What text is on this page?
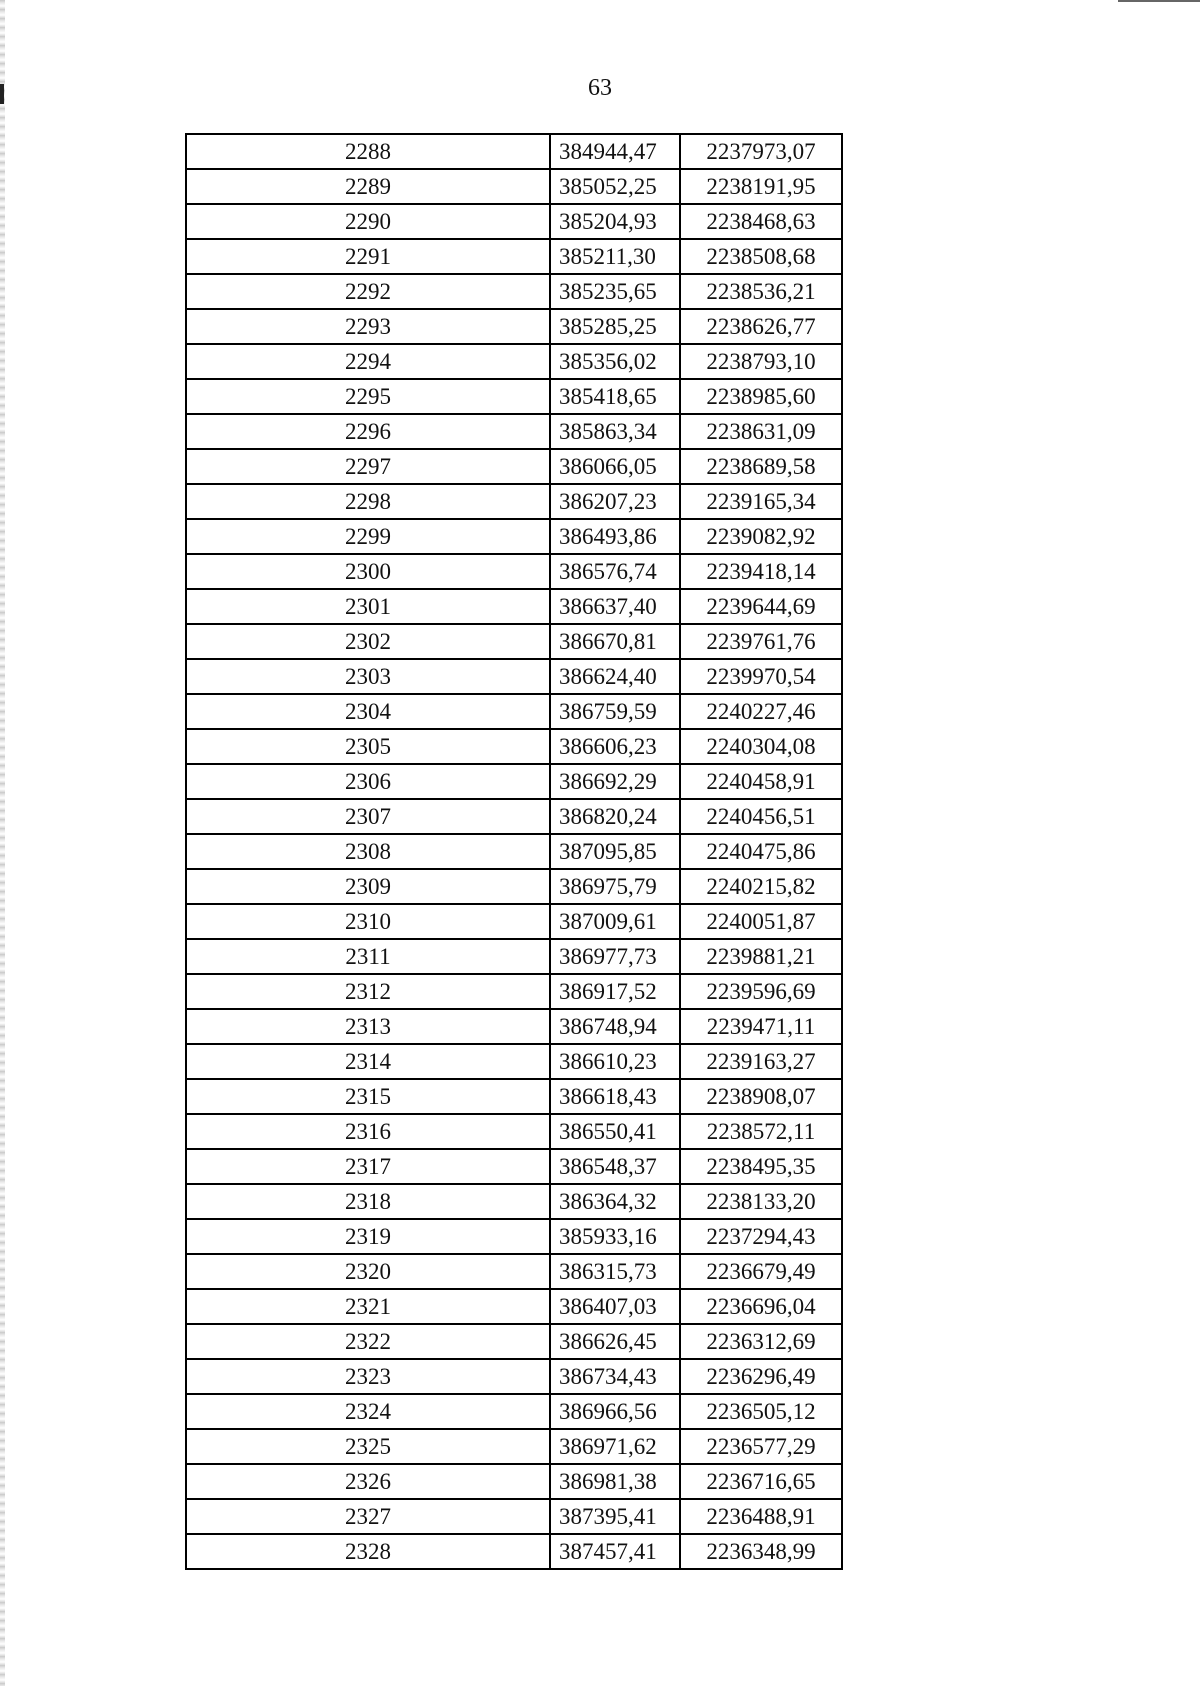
63
2288	384944,47	2237973,07
2289	385052,25	2238191,95
2290	385204,93	2238468,63
2291	385211,30	2238508,68
2292	385235,65	2238536,21
2293	385285,25	2238626,77
2294	385356,02	2238793,10
2295	385418,65	2238985,60
2296	385863,34	2238631,09
2297	386066,05	2238689,58
2298	386207,23	2239165,34
2299	386493,86	2239082,92
2300	386576,74	2239418,14
2301	386637,40	2239644,69
2302	386670,81	2239761,76
2303	386624,40	2239970,54
2304	386759,59	2240227,46
2305	386606,23	2240304,08
2306	386692,29	2240458,91
2307	386820,24	2240456,51
2308	387095,85	2240475,86
2309	386975,79	2240215,82
2310	387009,61	2240051,87
2311	386977,73	2239881,21
2312	386917,52	2239596,69
2313	386748,94	2239471,11
2314	386610,23	2239163,27
2315	386618,43	2238908,07
2316	386550,41	2238572,11
2317	386548,37	2238495,35
2318	386364,32	2238133,20
2319	385933,16	2237294,43
2320	386315,73	2236679,49
2321	386407,03	2236696,04
2322	386626,45	2236312,69
2323	386734,43	2236296,49
2324	386966,56	2236505,12
2325	386971,62	2236577,29
2326	386981,38	2236716,65
2327	387395,41	2236488,91
2328	387457,41	2236348,99
